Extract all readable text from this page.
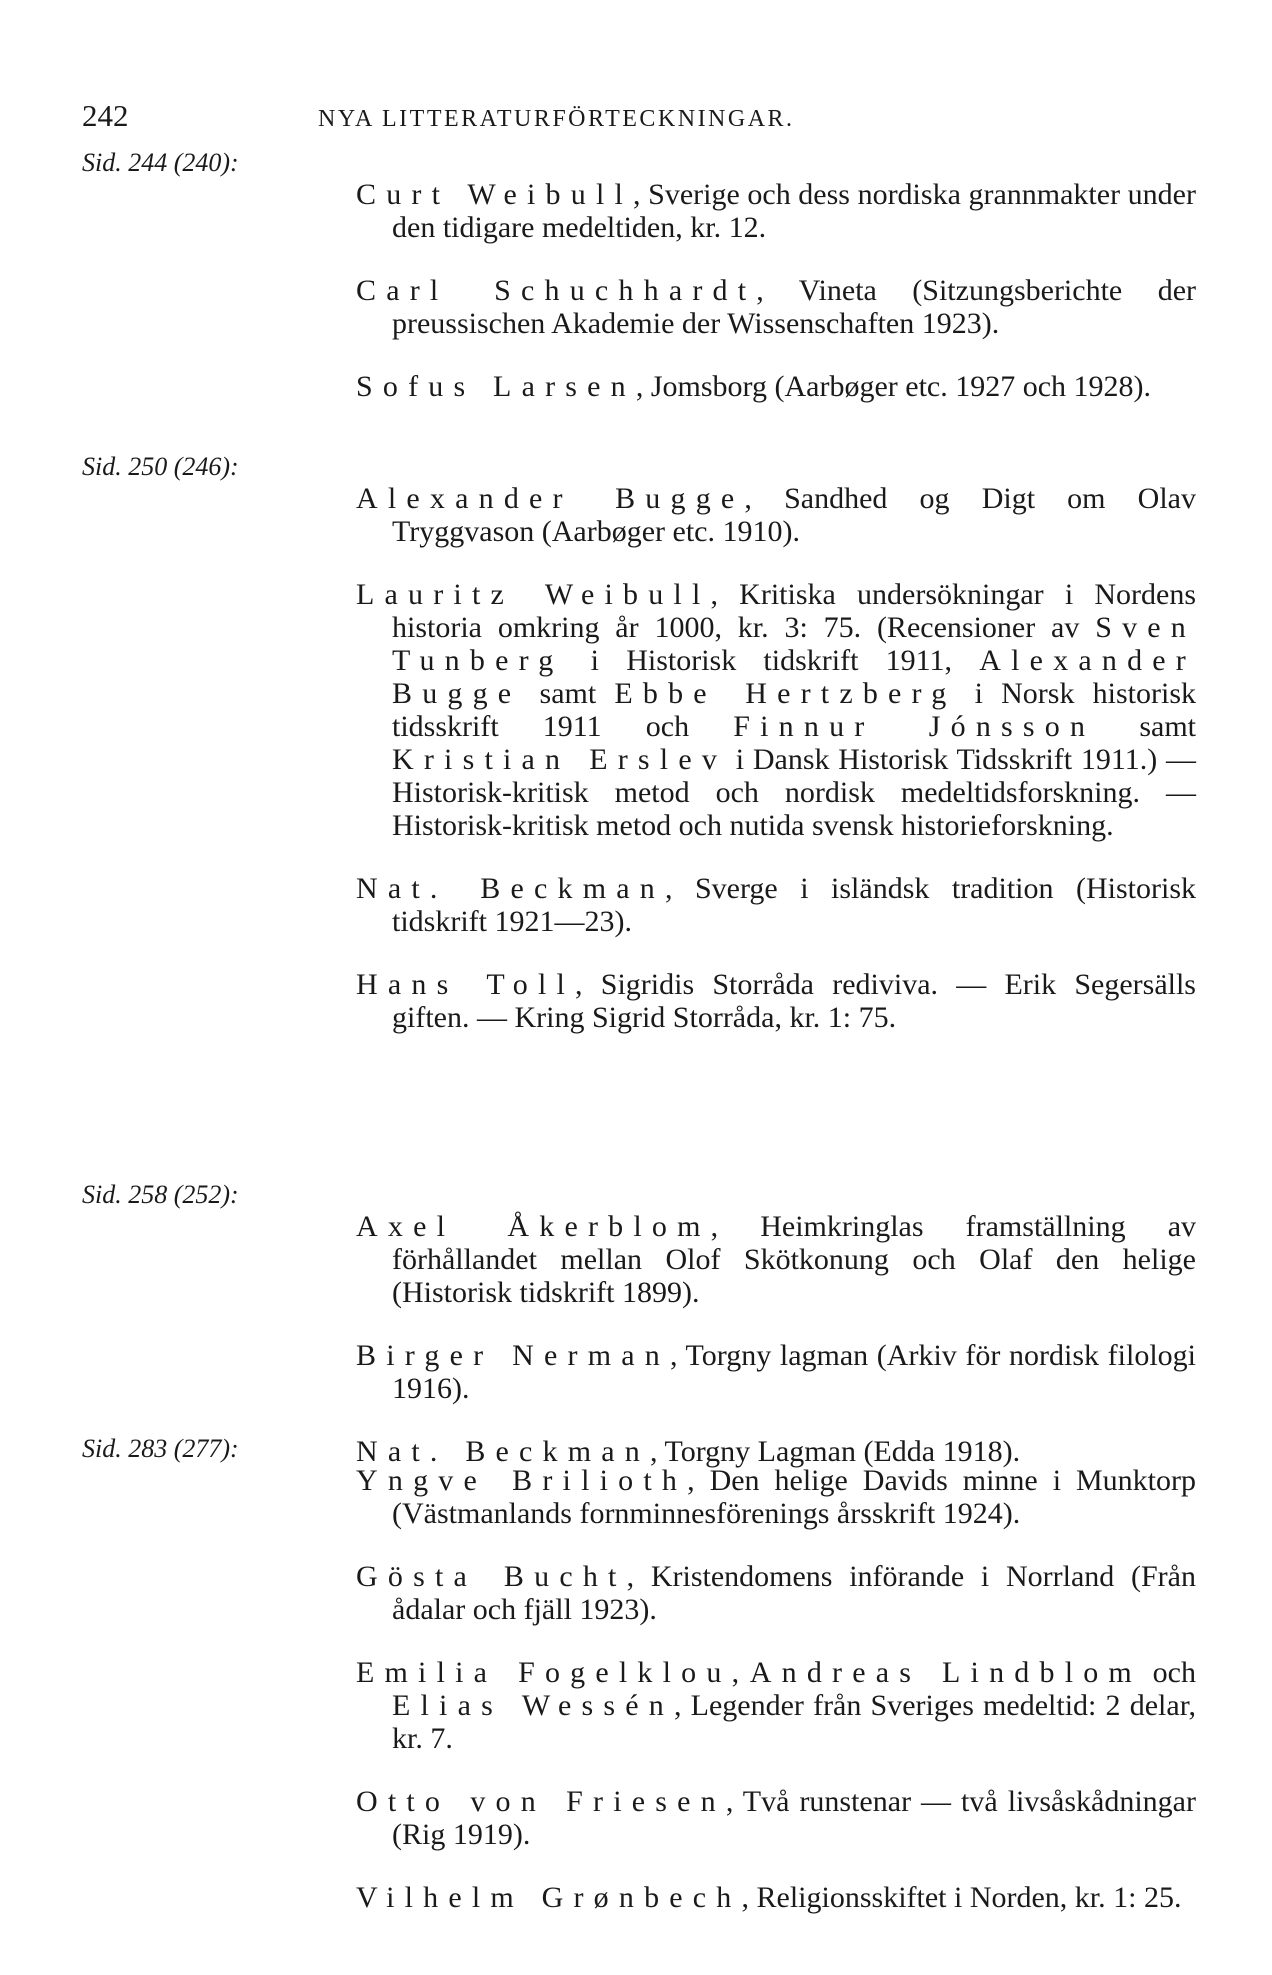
242	NYA LITTERATURFÖRTECKNINGAR.
Sid. 244 (240):

Curt Weibull, Sverige och dess nordiska grannmakter under den tidigare medeltiden, kr. 12.

Carl Schuchhardt, Vineta (Sitzungsberichte der preussischen Akademie der Wissenschaften 1923).

Sofus Larsen, Jomsborg (Aarbøger etc. 1927 och 1928).

Sid. 250 (246):

Alexander Bugge, Sandhed og Digt om Olav Tryggvason (Aarbøger etc. 1910).

Lauritz Weibull, Kritiska undersökningar i Nordens historia omkring år 1000, kr. 3: 75. (Recensioner av Sven Tunberg i Historisk tidskrift 1911, Alexander Bugge samt Ebbe Hertzberg i Norsk historisk tidsskrift 1911 och Finnur Jónsson samt Kristian Erslev i Dansk Historisk Tidsskrift 1911.) — Historisk-kritisk metod och nordisk medeltidsforskning. — Historisk-kritisk metod och nutida svensk historieforskning.

Nat. Beckman, Sverge i isländsk tradition (Historisk tidskrift 1921—23).

Hans Toll, Sigridis Storråda rediviva. — Erik Segersälls giften. — Kring Sigrid Storråda, kr. 1: 75.

Sid. 258 (252):

Axel Åkerblom, Heimkringlas framställning av förhållandet mellan Olof Skötkonung och Olaf den helige (Historisk tidskrift 1899).

Birger Nerman, Torgny lagman (Arkiv för nordisk filologi 1916).

Nat. Beckman, Torgny Lagman (Edda 1918).

Sid. 283 (277):

Yngve Brilioth, Den helige Davids minne i Munktorp (Västmanlands fornminnesförenings årsskrift 1924).

Gösta Bucht, Kristendomens införande i Norrland (Från ådalar och fjäll 1923).

Emilia Fogelklou, Andreas Lindblom och Elias Wessén, Legender från Sveriges medeltid: 2 delar, kr. 7.

Otto von Friesen, Två runstenar — två livsåskådningar (Rig 1919).

Vilhelm Grønbech, Religionsskiftet i Norden, kr. 1: 25.
